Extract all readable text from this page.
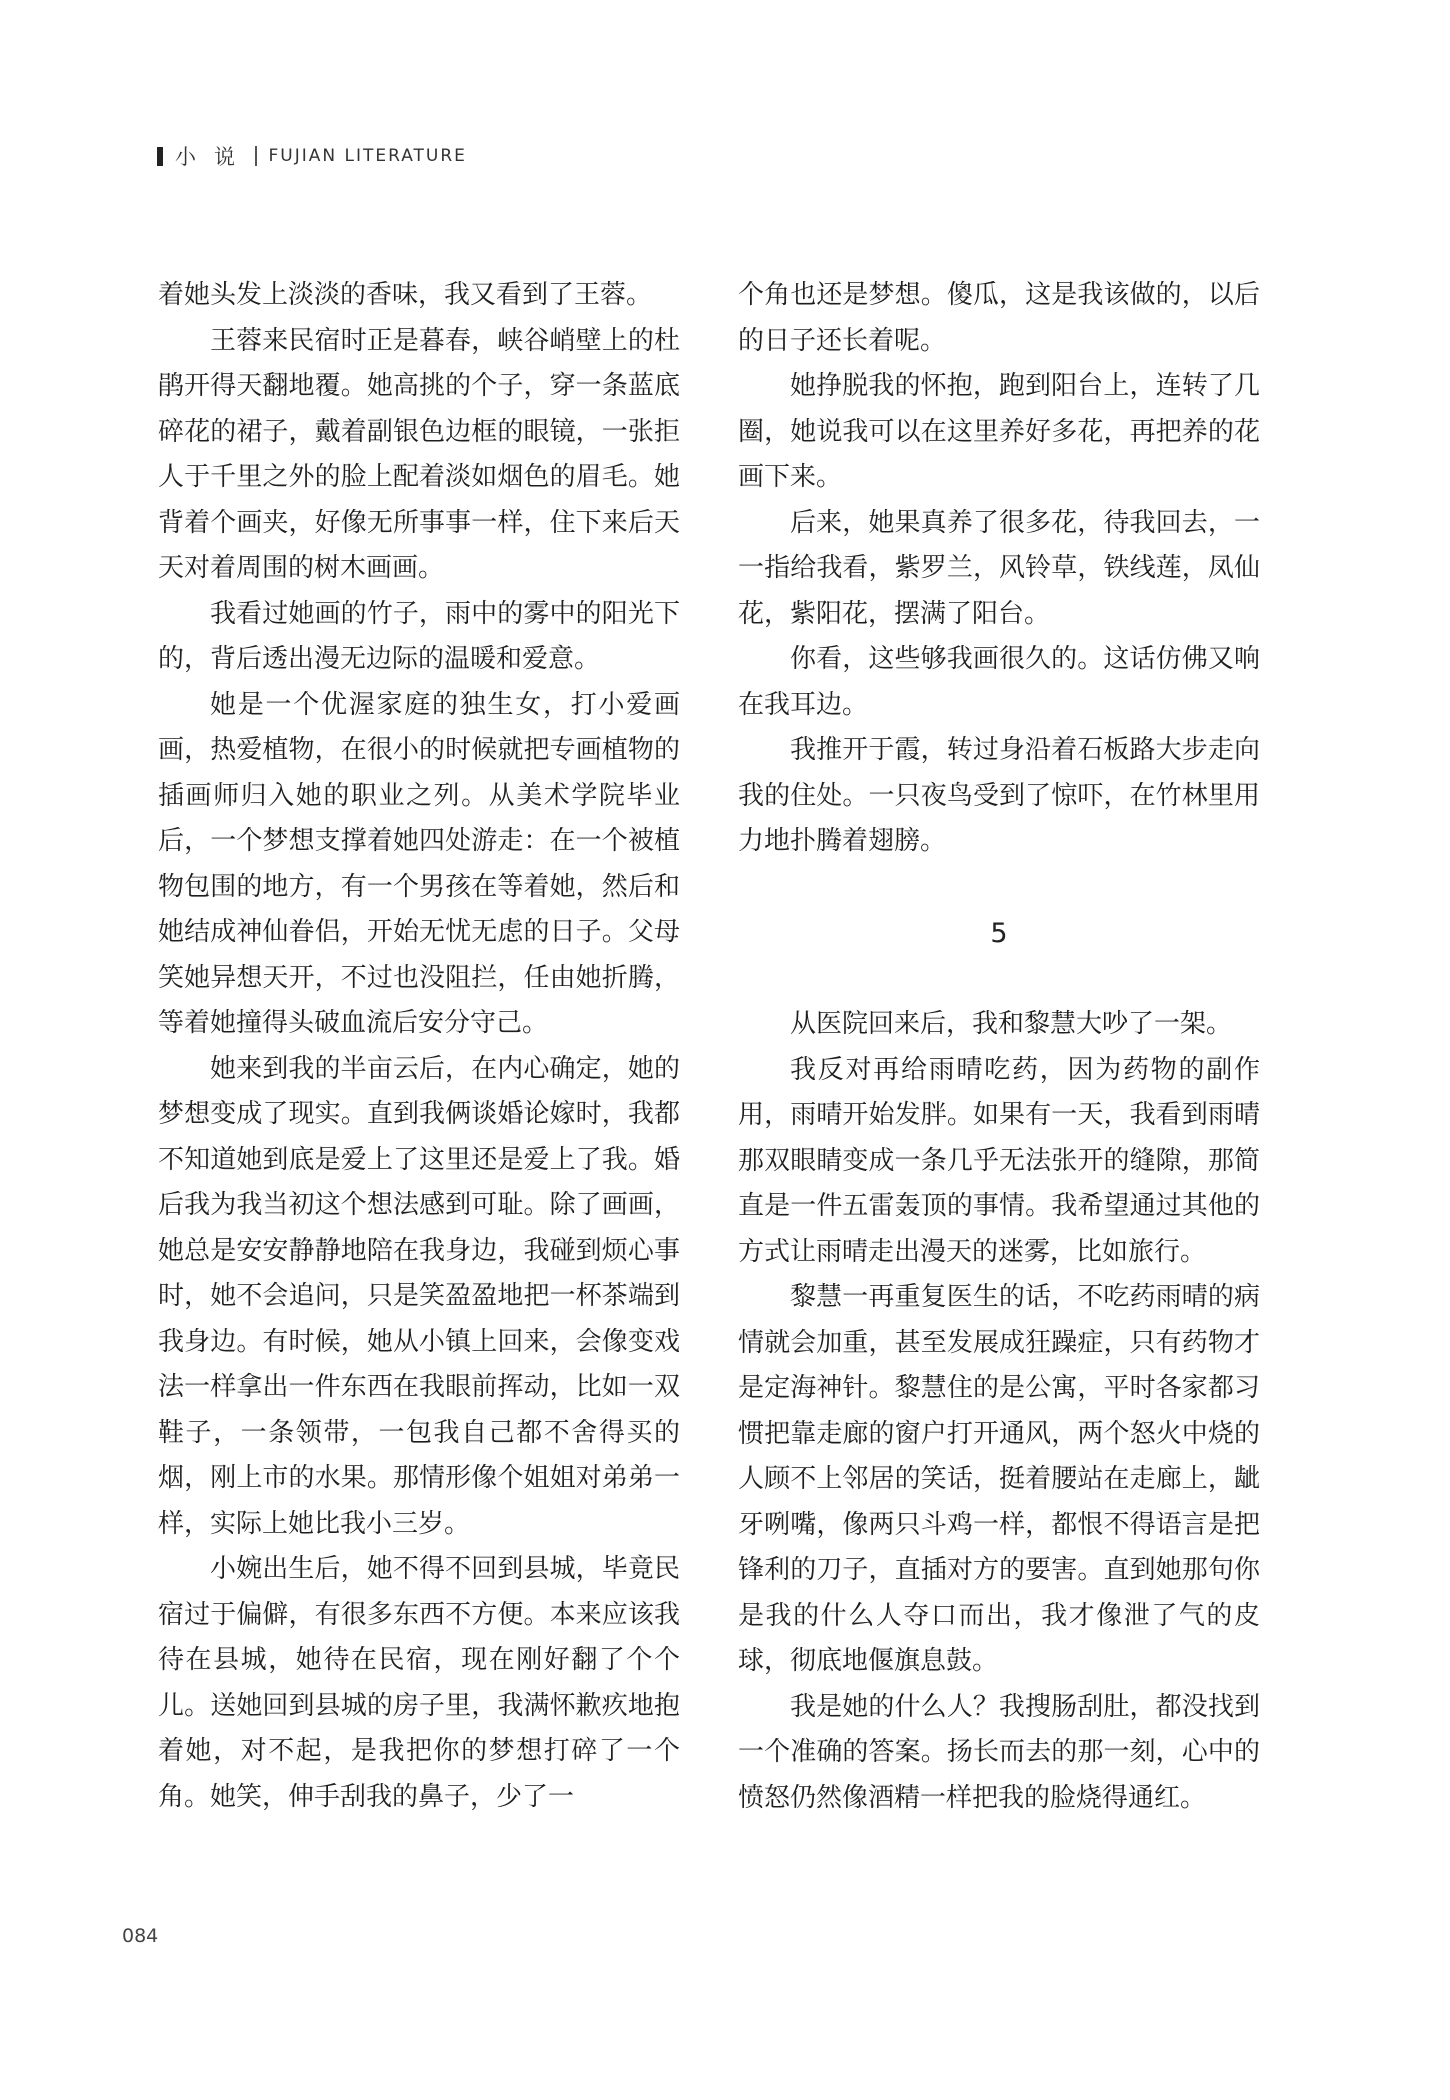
小说 FUJIAN LITERATURE

着她头发上淡淡的香味，我又看到了王蓉。

王蓉来民宿时正是暮春，峡谷峭壁上的杜鹃开得天翻地覆。她高挑的个子，穿一条蓝底碎花的裙子，戴着副银色边框的眼镜，一张拒人于千里之外的脸上配着淡如烟色的眉毛。她背着个画夹，好像无所事事一样，住下来后天天对着周围的树木画画。

我看过她画的竹子，雨中的雾中的阳光下的，背后透出漫无边际的温暖和爱意。

她是一个优渥家庭的独生女，打小爱画画，热爱植物，在很小的时候就把专画植物的插画师归入她的职业之列。从美术学院毕业后，一个梦想支撑着她四处游走：在一个被植物包围的地方，有一个男孩在等着她，然后和她结成神仙眷侣，开始无忧无虑的日子。父母笑她异想天开，不过也没阻拦，任由她折腾，等着她撞得头破血流后安分守己。

她来到我的半亩云后，在内心确定，她的梦想变成了现实。直到我俩谈婚论嫁时，我都不知道她到底是爱上了这里还是爱上了我。婚后我为我当初这个想法感到可耻。除了画画，她总是安安静静地陪在我身边，我碰到烦心事时，她不会追问，只是笑盈盈地把一杯茶端到我身边。有时候，她从小镇上回来，会像变戏法一样拿出一件东西在我眼前挥动，比如一双鞋子，一条领带，一包我自己都不舍得买的烟，刚上市的水果。那情形像个姐姐对弟弟一样，实际上她比我小三岁。

小婉出生后，她不得不回到县城，毕竟民宿过于偏僻，有很多东西不方便。本来应该我待在县城，她待在民宿，现在刚好翻了个个儿。送她回到县城的房子里，我满怀歉疚地抱着她，对不起，是我把你的梦想打碎了一个角。她笑，伸手刮我的鼻子，少了一

个角也还是梦想。傻瓜，这是我该做的，以后的日子还长着呢。

她挣脱我的怀抱，跑到阳台上，连转了几圈，她说我可以在这里养好多花，再把养的花画下来。

后来，她果真养了很多花，待我回去，一一指给我看，紫罗兰，风铃草，铁线莲，凤仙花，紫阳花，摆满了阳台。

你看，这些够我画很久的。这话仿佛又响在我耳边。

我推开于霞，转过身沿着石板路大步走向我的住处。一只夜鸟受到了惊吓，在竹林里用力地扑腾着翅膀。

5

从医院回来后，我和黎慧大吵了一架。

我反对再给雨晴吃药，因为药物的副作用，雨晴开始发胖。如果有一天，我看到雨晴那双眼睛变成一条几乎无法张开的缝隙，那简直是一件五雷轰顶的事情。我希望通过其他的方式让雨晴走出漫天的迷雾，比如旅行。

黎慧一再重复医生的话，不吃药雨晴的病情就会加重，甚至发展成狂躁症，只有药物才是定海神针。黎慧住的是公寓，平时各家都习惯把靠走廊的窗户打开通风，两个怒火中烧的人顾不上邻居的笑话，挺着腰站在走廊上，龇牙咧嘴，像两只斗鸡一样，都恨不得语言是把锋利的刀子，直插对方的要害。直到她那句你是我的什么人夺口而出，我才像泄了气的皮球，彻底地偃旗息鼓。

我是她的什么人？我搜肠刮肚，都没找到一个准确的答案。扬长而去的那一刻，心中的愤怒仍然像酒精一样把我的脸烧得通红。

084
